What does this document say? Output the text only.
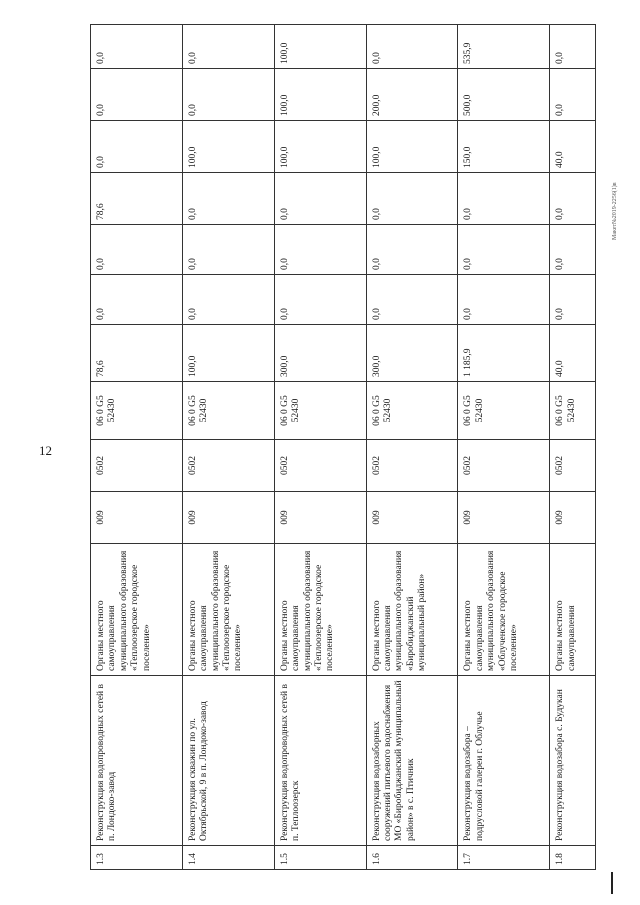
12
Макет№2019-2256(1)в
1.3	Реконструкция водопроводных сетей в п. Лондоко-завод	Органы местного самоуправления муниципального образования «Теплоозерское городское поселение»	009	0502	06 0 G5 52430	78,6	0,0	0,0	78,6	0,0	0,0	0,0
1.4	Реконструкция скважин по ул. Октябрьской, 9 в п. Лондоко-завод	Органы местного самоуправления муниципального образования «Теплоозерское городское поселение»	009	0502	06 0 G5 52430	100,0	0,0	0,0	0,0	100,0	0,0	0,0
1.5	Реконструкция водопроводных сетей в п. Теплоозерск	Органы местного самоуправления муниципального образования «Теплоозерское городское поселение»	009	0502	06 0 G5 52430	300,0	0,0	0,0	0,0	100,0	100,0	100,0
1.6	Реконструкция водозаборных сооружений питьевого водоснабжения МО «Биробиджанский муниципальный район» в с. Птичник	Органы местного самоуправления муниципального образования «Биробиджанский муниципальный район»	009	0502	06 0 G5 52430	300,0	0,0	0,0	0,0	100,0	200,0	0,0
1.7	Реконструкция водозабора – подрусловой галереи г. Облучье	Органы местного самоуправления муниципального образования «Облученское городское поселение»	009	0502	06 0 G5 52430	1 185,9	0,0	0,0	0,0	150,0	500,0	535,9
1.8	Реконструкция водозабора с. Будукан	Органы местного самоуправления	009	0502	06 0 G5 52430	40,0	0,0	0,0	0,0	40,0	0,0	0,0
